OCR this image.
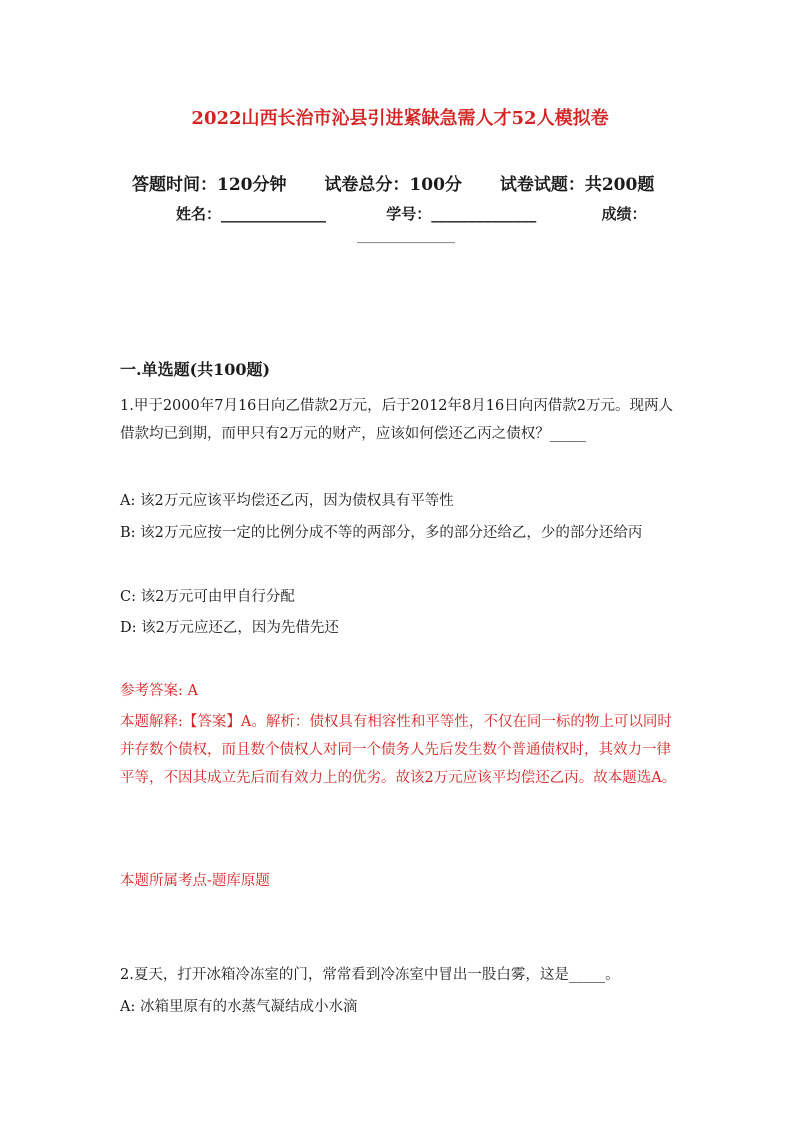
2022山西长治市沁县引进紧缺急需人才52人模拟卷
答题时间：120分钟 试卷总分：100分 试卷试题：共200题
姓名：______________	学号：______________	成绩：
______________
一.单选题(共100题)
1.甲于2000年7月16日向乙借款2万元，后于2012年8月16日向丙借款2万元。现两人借款均已到期，而甲只有2万元的财产，应该如何偿还乙丙之债权？_____
A: 该2万元应该平均偿还乙丙，因为债权具有平等性
B: 该2万元应按一定的比例分成不等的两部分，多的部分还给乙，少的部分还给丙
C: 该2万元可由甲自行分配
D: 该2万元应还乙，因为先借先还
参考答案: A
本题解释:【答案】A。解析：债权具有相容性和平等性，不仅在同一标的物上可以同时并存数个债权，而且数个债权人对同一个债务人先后发生数个普通债权时，其效力一律平等，不因其成立先后而有效力上的优劣。故该2万元应该平均偿还乙丙。故本题选A。
本题所属考点-题库原题
2.夏天，打开冰箱冷冻室的门，常常看到冷冻室中冒出一股白雾，这是_____。
A: 冰箱里原有的水蒸气凝结成小水滴
